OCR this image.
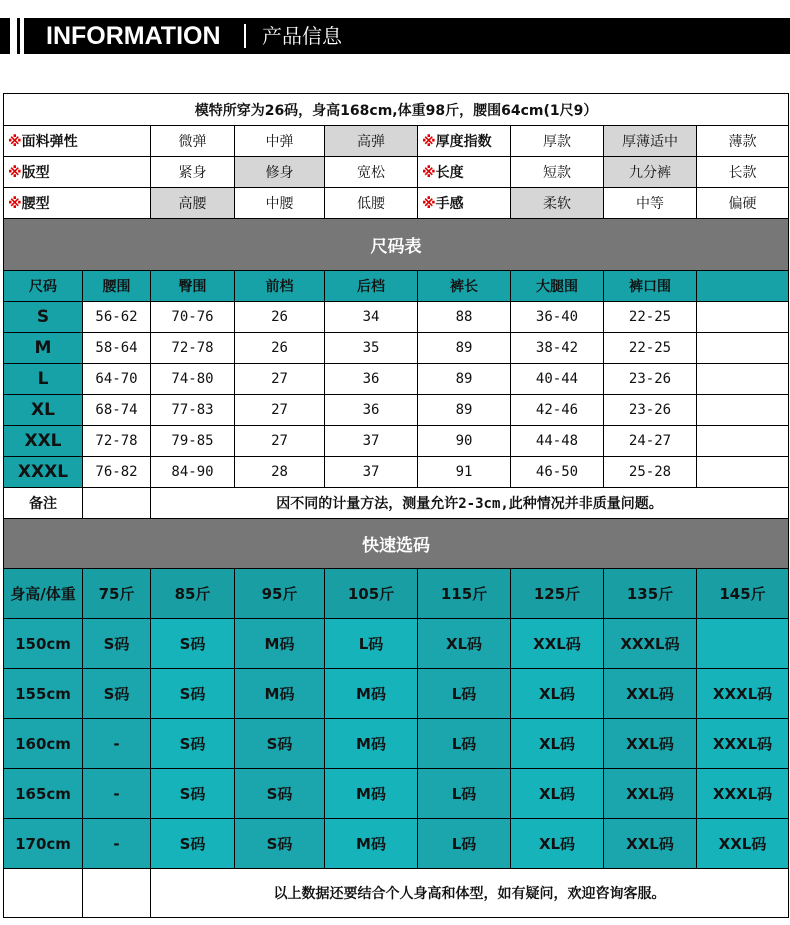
INFORMATION 产品信息
模特所穿为26码，身高168cm,体重98斤，腰围64cm(1尺9）								
※面料弹性		微弹	中弹	高弹	※厚度指数	厚款	厚薄适中	薄款
※版型		紧身	修身	宽松	※长度	短款	九分裤	长款
※腰型		高腰	中腰	低腰	※手感	柔软	中等	偏硬
尺码表								
尺码	腰围	臀围	前档	后档	裤长	大腿围	裤口围	
S	56-62	70-76	26	34	88	36-40	22-25	
M	58-64	72-78	26	35	89	38-42	22-25	
L	64-70	74-80	27	36	89	40-44	23-26	
XL	68-74	77-83	27	36	89	42-46	23-26	
XXL	72-78	79-85	27	37	90	44-48	24-27	
XXXL	76-82	84-90	28	37	91	46-50	25-28	
备注		因不同的计量方法，测量允许2-3cm,此种情况并非质量问题。						
快速选码								
身高/体重	75斤	85斤	95斤	105斤	115斤	125斤	135斤	145斤
150cm	S码	S码	M码	L码	XL码	XXL码	XXXL码	
155cm	S码	S码	M码	M码	L码	XL码	XXL码	XXXL码
160cm	-	S码	S码	M码	L码	XL码	XXL码	XXXL码
165cm	-	S码	S码	M码	L码	XL码	XXL码	XXXL码
170cm	-	S码	S码	M码	L码	XL码	XXL码	XXL码
		以上数据还要结合个人身高和体型，如有疑问，欢迎咨询客服。						
